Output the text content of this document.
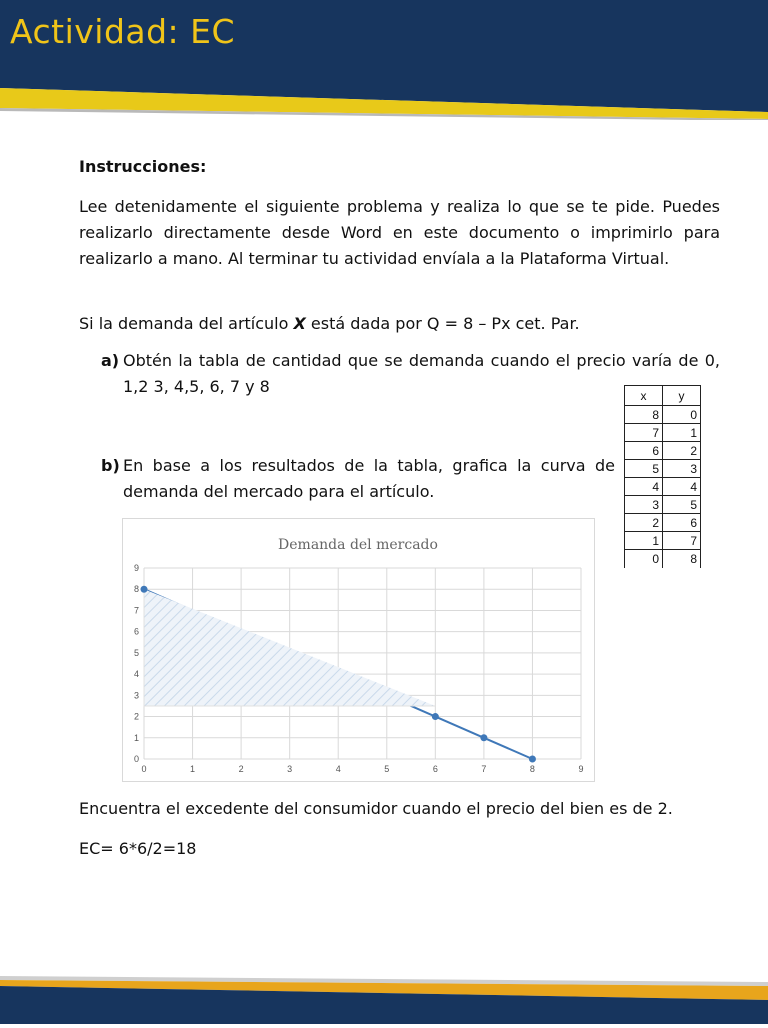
Actividad: EC
Instrucciones:
Lee detenidamente el siguiente problema y realiza lo que se te pide. Puedes realizarlo directamente desde Word en este documento o imprimirlo para realizarlo a mano. Al terminar tu actividad envíala a la Plataforma Virtual.
Si la demanda del artículo X está dada por Q = 8 – Px cet. Par.
a) Obtén la tabla de cantidad que se demanda cuando el precio varía de 0, 1,2 3, 4,5, 6, 7 y 8
b) En base a los resultados de la tabla, grafica la curva de demanda del mercado para el artículo.
x	y
8	0
7	1
6	2
5	3
4	4
3	5
2	6
1	7
0	8
Demanda del mercado
0	1	2	3	4	5	6	7	8	9
0
1
2
3
4
5
6
7
8
9
Encuentra el excedente del consumidor cuando el precio del bien es de 2.
EC= 6*6/2=18
